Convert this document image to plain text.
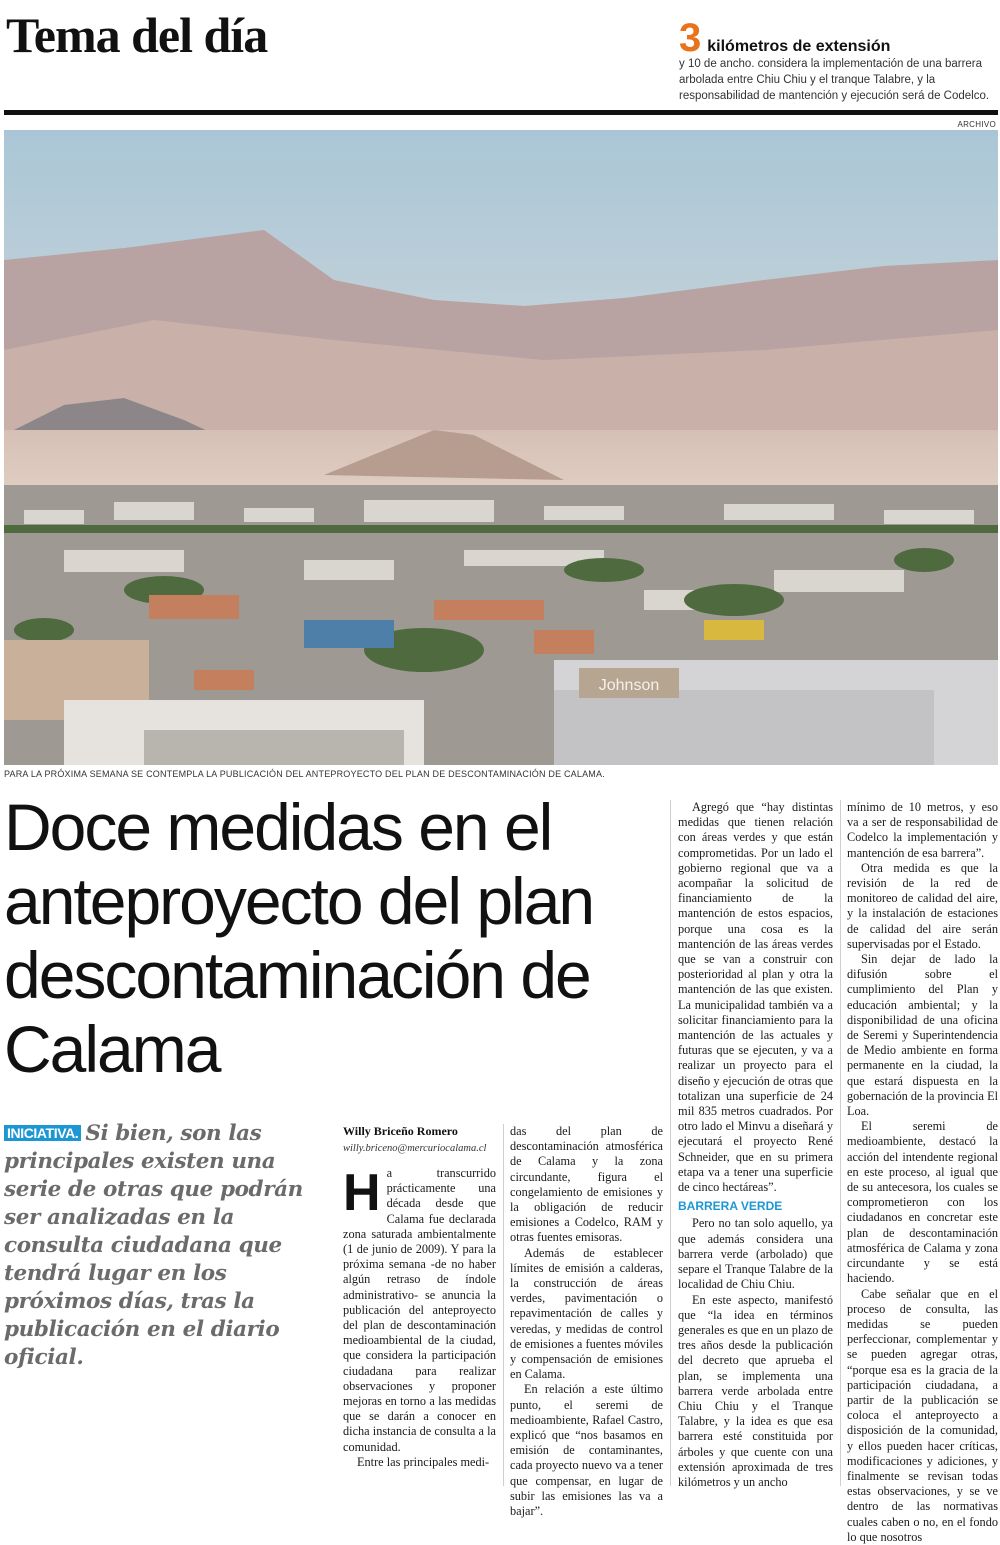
Tema del día	3 kilómetros de extensión
y 10 de ancho. considera la implementación de una barrera arbolada entre Chiu Chiu y el tranque Talabre, y la responsabilidad de mantención y ejecución será de Codelco.
ARCHIVO
Johnson
PARA LA PRÓXIMA SEMANA SE CONTEMPLA LA PUBLICACIÓN DEL ANTEPROYECTO DEL PLAN DE DESCONTAMINACIÓN DE CALAMA.
Doce medidas en el anteproyecto del plan descontaminación de Calama
INICIATIVA. Si bien, son las principales existen una serie de otras que podrán ser analizadas en la consulta ciudadana que tendrá lugar en los próximos días, tras la publicación en el diario oficial.
Willy Briceño Romero
willy.briceno@mercuriocalama.cl
H a transcurrido prácticamente una década desde que Calama fue declarada zona saturada ambientalmente (1 de junio de 2009). Y para la próxima semana -de no haber algún retraso de índole administrativo- se anuncia la publicación del anteproyecto del plan de descontaminación medioambiental de la ciudad, que considera la participación ciudadana para realizar observaciones y proponer mejoras en torno a las medidas que se darán a conocer en dicha instancia de consulta a la comunidad.

Entre las principales medi-

das del plan de descontaminación atmosférica de Calama y la zona circundante, figura el congelamiento de emisiones y la obligación de reducir emisiones a Codelco, RAM y otras fuentes emisoras.

Además de establecer límites de emisión a calderas, la construcción de áreas verdes, pavimentación o repavimentación de calles y veredas, y medidas de control de emisiones a fuentes móviles y compensación de emisiones en Calama.

En relación a este último punto, el seremi de medioambiente, Rafael Castro, explicó que “nos basamos en emisión de contaminantes, cada proyecto nuevo va a tener que compensar, en lugar de subir las emisiones las va a bajar”.

Agregó que “hay distintas medidas que tienen relación con áreas verdes y que están comprometidas. Por un lado el gobierno regional que va a acompañar la solicitud de financiamiento de la mantención de estos espacios, porque una cosa es la mantención de las áreas verdes que se van a construir con posterioridad al plan y otra la mantención de las que existen. La municipalidad también va a solicitar financiamiento para la mantención de las actuales y futuras que se ejecuten, y va a realizar un proyecto para el diseño y ejecución de otras que totalizan una superficie de 24 mil 835 metros cuadrados. Por otro lado el Minvu a diseñará y ejecutará el proyecto René Schneider, que en su primera etapa va a tener una superficie de cinco hectáreas”.

BARRERA VERDE

Pero no tan solo aquello, ya que además considera una barrera verde (arbolado) que separe el Tranque Talabre de la localidad de Chiu Chiu.

En este aspecto, manifestó que “la idea en términos generales es que en un plazo de tres años desde la publicación del decreto que aprueba el plan, se implementa una barrera verde arbolada entre Chiu Chiu y el Tranque Talabre, y la idea es que esa barrera esté constituida por árboles y que cuente con una extensión aproximada de tres kilómetros y un ancho

mínimo de 10 metros, y eso va a ser de responsabilidad de Codelco la implementación y mantención de esa barrera”.

Otra medida es que la revisión de la red de monitoreo de calidad del aire, y la instalación de estaciones de calidad del aire serán supervisadas por el Estado.

Sin dejar de lado la difusión sobre el cumplimiento del Plan y educación ambiental; y la disponibilidad de una oficina de Seremi y Superintendencia de Medio ambiente en forma permanente en la ciudad, la que estará dispuesta en la gobernación de la provincia El Loa.

El seremi de medioambiente, destacó la acción del intendente regional en este proceso, al igual que de su antecesora, los cuales se comprometieron con los ciudadanos en concretar este plan de descontaminación atmosférica de Calama y zona circundante y se está haciendo.

Cabe señalar que en el proceso de consulta, las medidas se pueden perfeccionar, complementar y se pueden agregar otras, “porque esa es la gracia de la participación ciudadana, a partir de la publicación se coloca el anteproyecto a disposición de la comunidad, y ellos pueden hacer críticas, modificaciones y adiciones, y finalmente se revisan todas estas observaciones, y se ve dentro de las normativas cuales caben o no, en el fondo lo que nosotros
